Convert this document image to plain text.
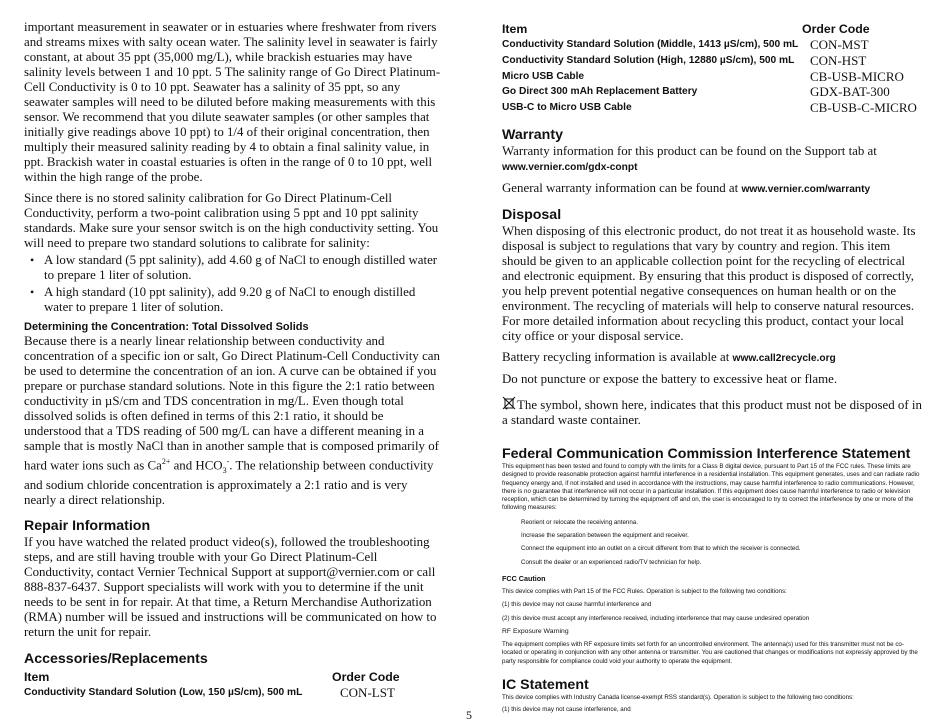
important measurement in seawater or in estuaries where freshwater from rivers and streams mixes with salty ocean water. The salinity level in seawater is fairly constant, at about 35 ppt (35,000 mg/L), while brackish estuaries may have salinity levels between 1 and 10 ppt. 5 The salinity range of Go Direct Platinum-Cell Conductivity is 0 to 10 ppt. Seawater has a salinity of 35 ppt, so any seawater samples will need to be diluted before making measurements with this sensor. We recommend that you dilute seawater samples (or other samples that initially give readings above 10 ppt) to 1/4 of their original concentration, then multiply their measured salinity reading by 4 to obtain a final salinity value, in ppt. Brackish water in coastal estuaries is often in the range of 0 to 10 ppt, well within the high range of the probe.

Since there is no stored salinity calibration for Go Direct Platinum-Cell Conductivity, perform a two-point calibration using 5 ppt and 10 ppt salinity standards. Make sure your sensor switch is on the high conductivity setting. You will need to prepare two standard solutions to calibrate for salinity:

• A low standard (5 ppt salinity), add 4.60 g of NaCl to enough distilled water to prepare 1 liter of solution.
• A high standard (10 ppt salinity), add 9.20 g of NaCl to enough distilled water to prepare 1 liter of solution.
Determining the Concentration: Total Dissolved Solids

Because there is a nearly linear relationship between conductivity and concentration of a specific ion or salt, Go Direct Platinum-Cell Conductivity can be used to determine the concentration of an ion. A curve can be obtained if you prepare or purchase standard solutions. Note in this figure the 2:1 ratio between conductivity in µS/cm and TDS concentration in mg/L. Even though total dissolved solids is often defined in terms of this 2:1 ratio, it should be understood that a TDS reading of 500 mg/L can have a different meaning in a sample that is mostly NaCl than in another sample that is composed primarily of hard water ions such as $Ca^{2+}$ and $HCO_3^-$. The relationship between conductivity and sodium chloride concentration is approximately a 2:1 ratio and is very nearly a direct relationship.

Repair Information

If you have watched the related product video(s), followed the troubleshooting steps, and are still having trouble with your Go Direct Platinum-Cell Conductivity, contact Vernier Technical Support at support@vernier.com or call 888-837-6437. Support specialists will work with you to determine if the unit needs to be sent in for repair. At that time, a Return Merchandise Authorization (RMA) number will be issued and instructions will be communicated on how to return the unit for repair.

Accessories/Replacements
Item	Order Code
Conductivity Standard Solution (Low, 150 µS/cm), 500 mL	CON-LST
Item	Order Code
Conductivity Standard Solution (Middle, 1413 µS/cm), 500 mL	CON-MST
Conductivity Standard Solution (High, 12880 µS/cm), 500 mL	CON-HST
Micro USB Cable	CB-USB-MICRO
Go Direct 300 mAh Replacement Battery	GDX-BAT-300
USB-C to Micro USB Cable	CB-USB-C-MICRO
Warranty

Warranty information for this product can be found on the Support tab at
www.vernier.com/gdx-conpt

General warranty information can be found at www.vernier.com/warranty

Disposal

When disposing of this electronic product, do not treat it as household waste. Its disposal is subject to regulations that vary by country and region. This item should be given to an applicable collection point for the recycling of electrical and electronic equipment. By ensuring that this product is disposed of correctly, you help prevent potential negative consequences on human health or on the environment. The recycling of materials will help to conserve natural resources. For more detailed information about recycling this product, contact your local city office or your disposal service.

Battery recycling information is available at www.call2recycle.org

Do not puncture or expose the battery to excessive heat or flame.

The symbol, shown here, indicates that this product must not be disposed of in a standard waste container.

Federal Communication Commission Interference Statement

This equipment has been tested and found to comply with the limits for a Class B digital device, pursuant to Part 15 of the FCC rules. These limits are designed to provide reasonable protection against harmful interference in a residential installation. This equipment generates, uses and can radiate radio frequency energy and, if not installed and used in accordance with the instructions, may cause harmful interference to radio communications. However, there is no guarantee that interference will not occur in a particular installation. If this equipment does cause harmful interference to radio or television reception, which can be determined by turning the equipment off and on, the user is encouraged to try to correct the interference by one or more of the following measures:

Reorient or relocate the receiving antenna.

Increase the separation between the equipment and receiver.

Connect the equipment into an outlet on a circuit different from that to which the receiver is connected.

Consult the dealer or an experienced radio/TV technician for help.

FCC Caution

This device complies with Part 15 of the FCC Rules. Operation is subject to the following two conditions:

(1) this device may not cause harmful interference and

(2) this device must accept any interference received, including interference that may cause undesired operation

RF Exposure Warning

The equipment complies with RF exposure limits set forth for an uncontrolled environment. The antenna(s) used for this transmitter must not be co-located or operating in conjunction with any other antenna or transmitter. You are cautioned that changes or modifications not expressly approved by the party responsible for compliance could void your authority to operate the equipment.

IC Statement

This device complies with Industry Canada license-exempt RSS standard(s). Operation is subject to the following two conditions:

(1) this device may not cause interference, and

5
